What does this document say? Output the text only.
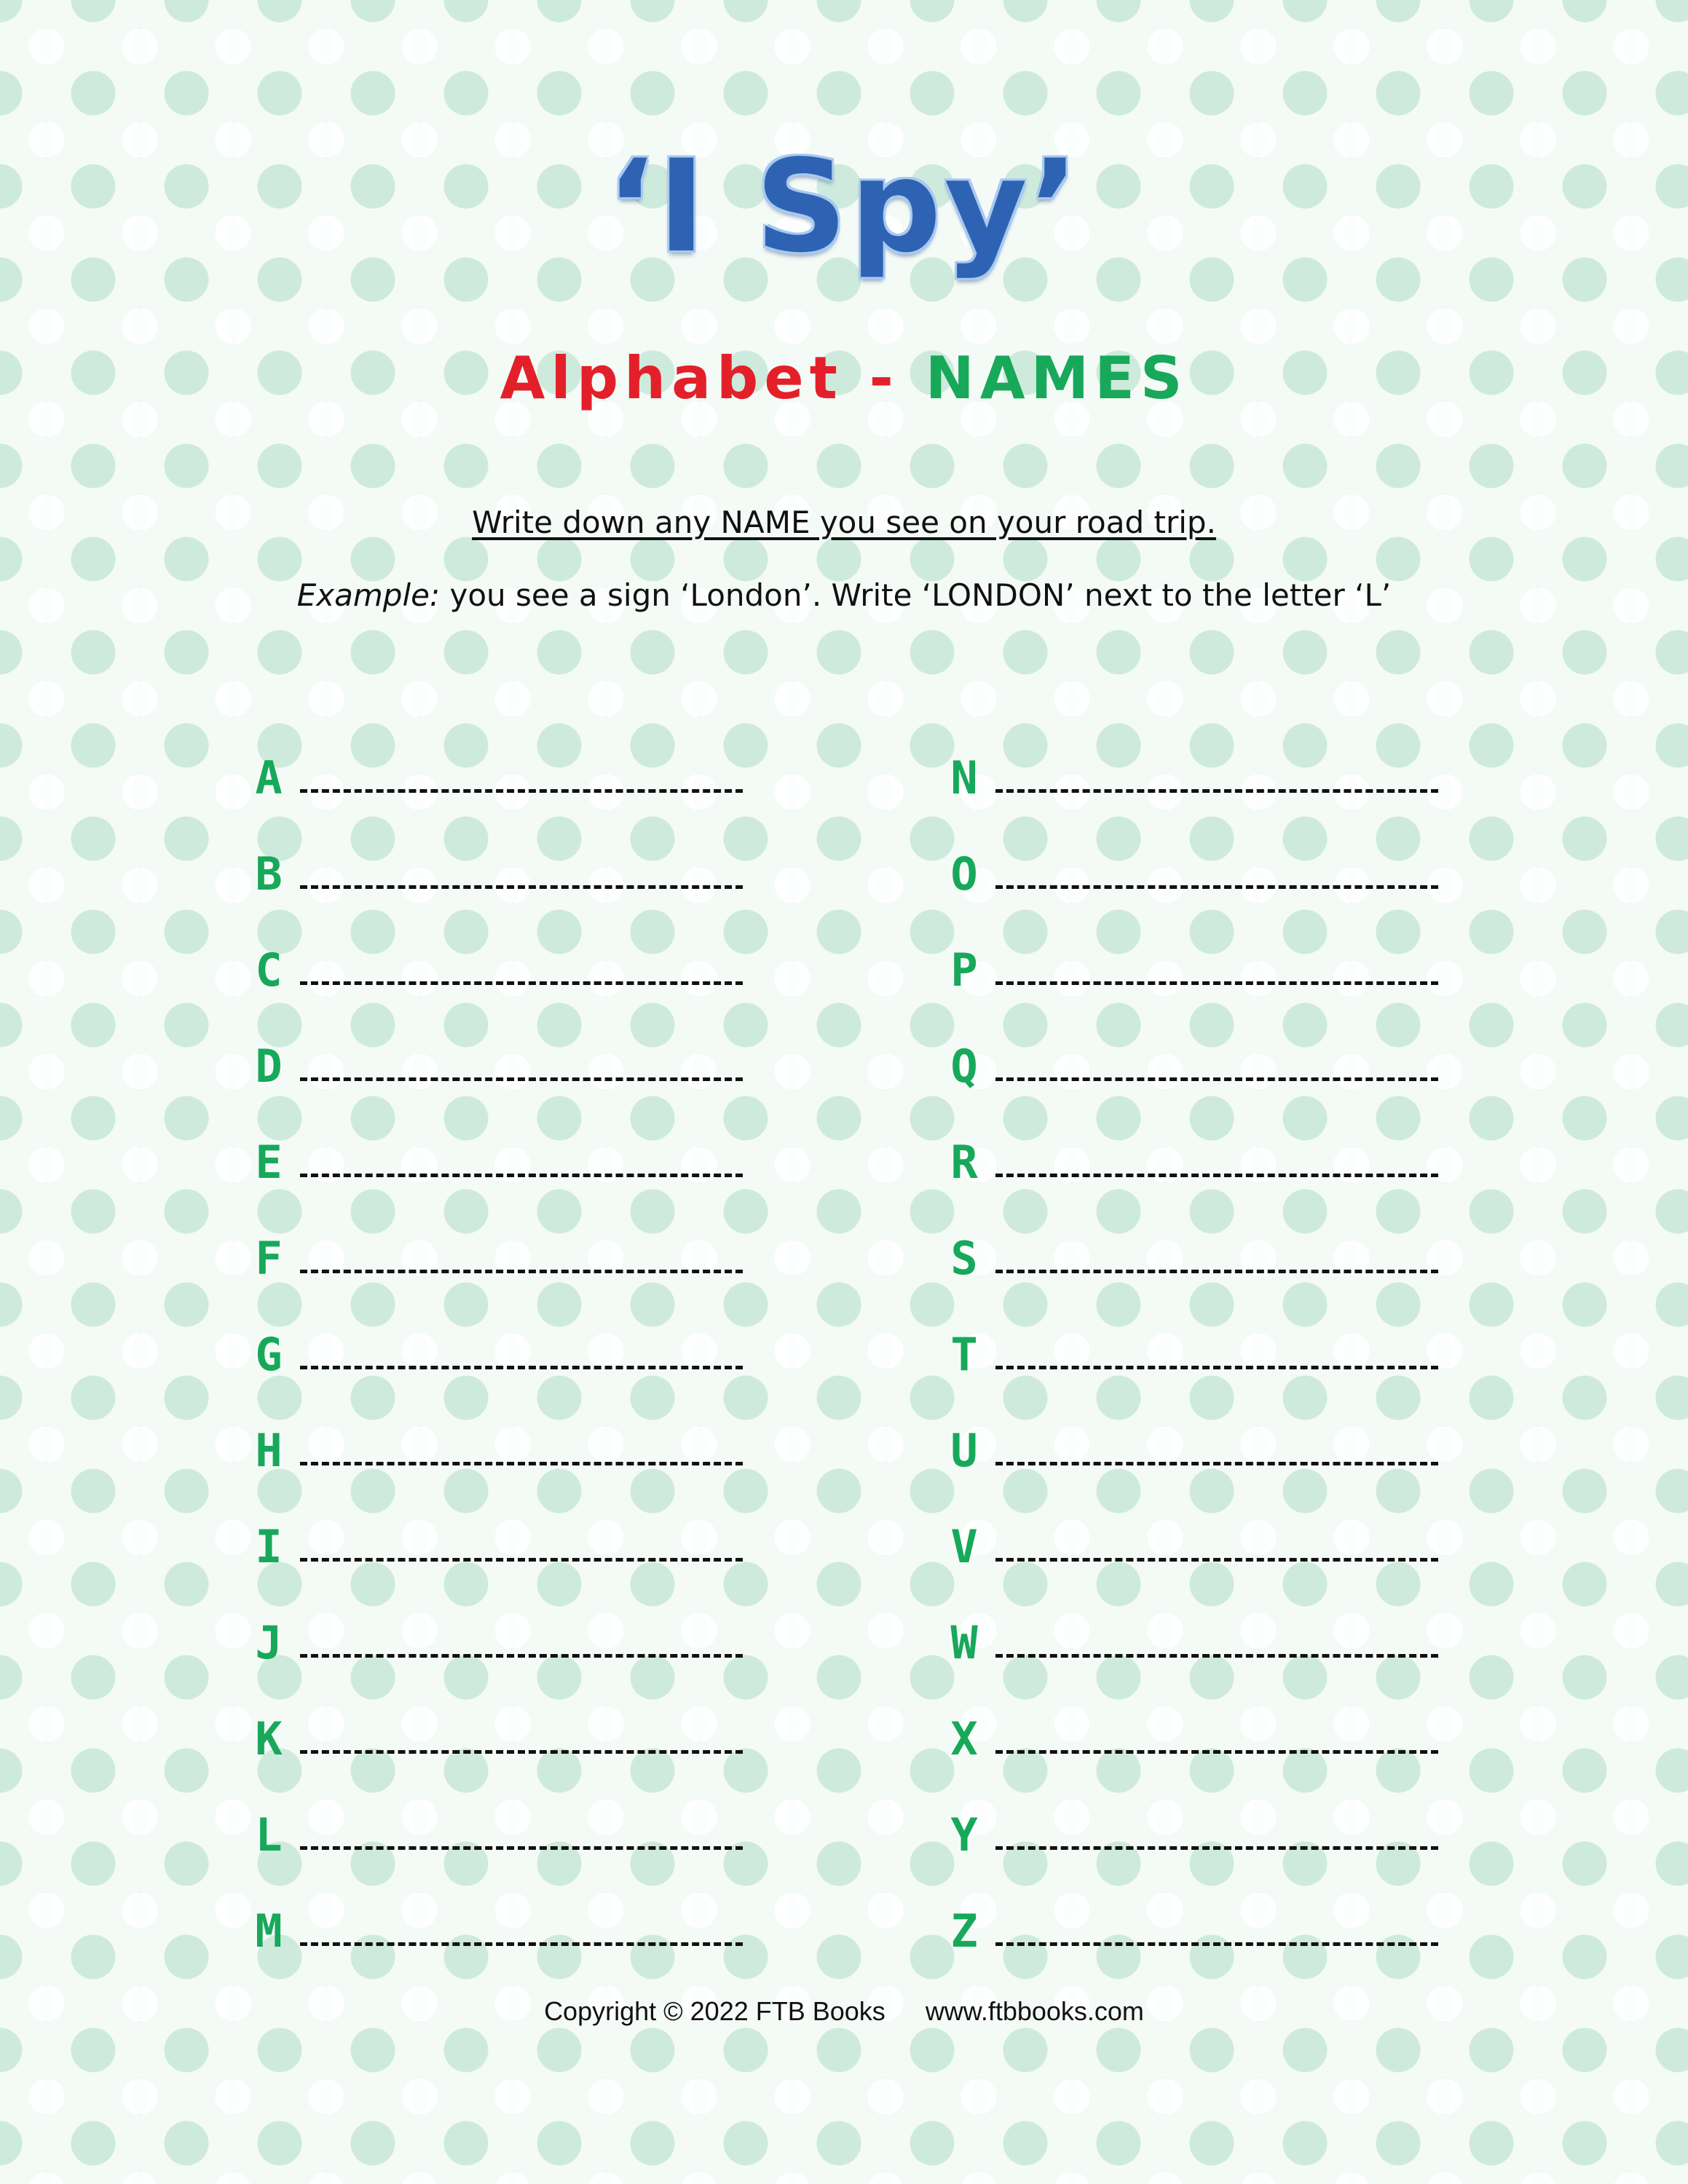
‘I Spy’
Alphabet - NAMES
Write down any NAME you see on your road trip.
Example: you see a sign ‘London’. Write ‘LONDON’ next to the letter ‘L’
A
B
C
D
E
F
G
H
I
J
K
L
M
N
O
P
Q
R
S
T
U
V
W
X
Y
Z
Copyright © 2022 FTB Books www.ftbbooks.com
